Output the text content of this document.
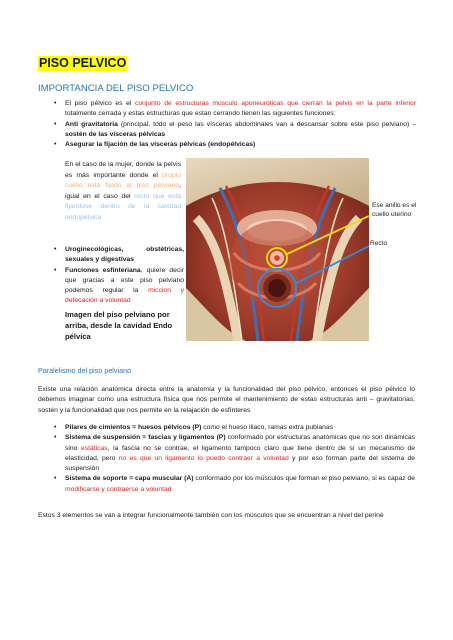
PISO PELVICO
IMPORTANCIA DEL PISO PELVICO
• El piso pélvico es el conjunto de estructuras músculo aponeuróticas que cierran la pelvis en la parte inferior totalmente cerrada y estas estructuras que estan cerrando tienen las siguientes funciones:
• Anti gravitatoria (principal, todo el peso las vísceras abdominales van a descansar sobre este piso pelviano) – sostén de las vísceras pélvicas
• Asegurar la fijación de las vísceras pélvicas (endopélvicas)
En el caso de la mujer, donde la pelvis es más importante donde el propio cuello está fijado al piso pelviano, igual en el caso del recto que está fijandose dentro de la cavidad endopélvica
• Uroginecológicas, obstétricas, sexuales y digestivas
• Funciones esfinteriana, quiere decir que gracias a este piso pelviano podemos regular la miccion y defecación a voluntad
Imagen del piso pelviano por arriba, desde la cavidad Endo pélvica
Ese anillo es el cuello uterino
Recto
Paralelismo del piso pelviano
Existe una relación anatómica directa entre la anatomía y la funcionalidad del piso pélvico, entonces el piso pélvico lo debemos imaginar como una estructura física que nos permite el mantenimiento de estas estructuras anti – gravitatorias, sostén y la funcionalidad que nos permite en la relajación de esfínteres
• Pilares de cimientos = huesos pélvicos (P) como el hueso iliaco, ramas extra pubianas
• Sistema de suspensión = fascias y ligamentos (P) conformado por estructuras anatómicas que no son dinámicas sino estáticas, la fascia no se contrae, el ligamento tampoco claro que tiene dentro de sí un mecanismo de elasticidad, pero no es que un ligamento lo puedo contraer a voluntad y por eso forman parte del sistema de suspensión
• Sistema de soporte = capa muscular (A) conformado por los músculos que forman el piso pelviano, si es capaz de modificarse y contraerse a voluntad
Estos 3 elementos se van a integrar funcionalmente también con los músculos que se encuentran a nivel del periné
